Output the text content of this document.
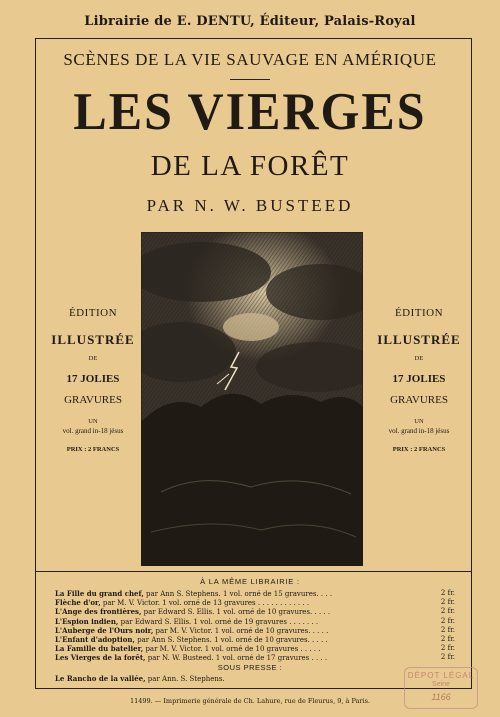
Librairie de E. DENTU, Éditeur, Palais-Royal
SCÈNES DE LA VIE SAUVAGE EN AMÉRIQUE
LES VIERGES
DE LA FORÊT
PAR N. W. BUSTEED
ÉDITION
ILLUSTRÉE
DE
17 JOLIES
GRAVURES
UN
vol. grand in-18 jésus
PRIX : 2 FRANCS
ÉDITION
ILLUSTRÉE
DE
17 JOLIES
GRAVURES
UN
vol. grand in-18 jésus
PRIX : 2 FRANCS
À LA MÊME LIBRAIRIE :
La Fille du grand chef, par Ann S. Stephens. 1 vol. orné de 15 gravures. . . .	2 fr.
Flèche d'or, par M. V. Victor. 1 vol. orné de 13 gravures . . . . . . . . . . . .	2 fr.
L'Ange des frontières, par Edward S. Ellis. 1 vol. orné de 10 gravures. . . . .	2 fr.
L'Espion indien, par Edward S. Ellis. 1 vol. orné de 19 gravures . . . . . . .	2 fr.
L'Auberge de l'Ours noir, par M. V. Victor. 1 vol. orné de 10 gravures. . . . .	2 fr.
L'Enfant d'adoption, par Ann S. Stephens. 1 vol. orné de 10 gravures. . . . .	2 fr.
La Famille du batelier, par M. V. Victor. 1 vol. orné de 10 gravures . . . . .	2 fr.
Les Vierges de la forêt, par N. W. Busteed. 1 vol. orné de 17 gravures . . . .	2 fr.
SOUS PRESSE :
Le Rancho de la vallée, par Ann. S. Stephens.
11499. — Imprimerie générale de Ch. Lahure, rue de Fleurus, 9, à Paris.
DÉPOT LÉGAL
Seine
1166
